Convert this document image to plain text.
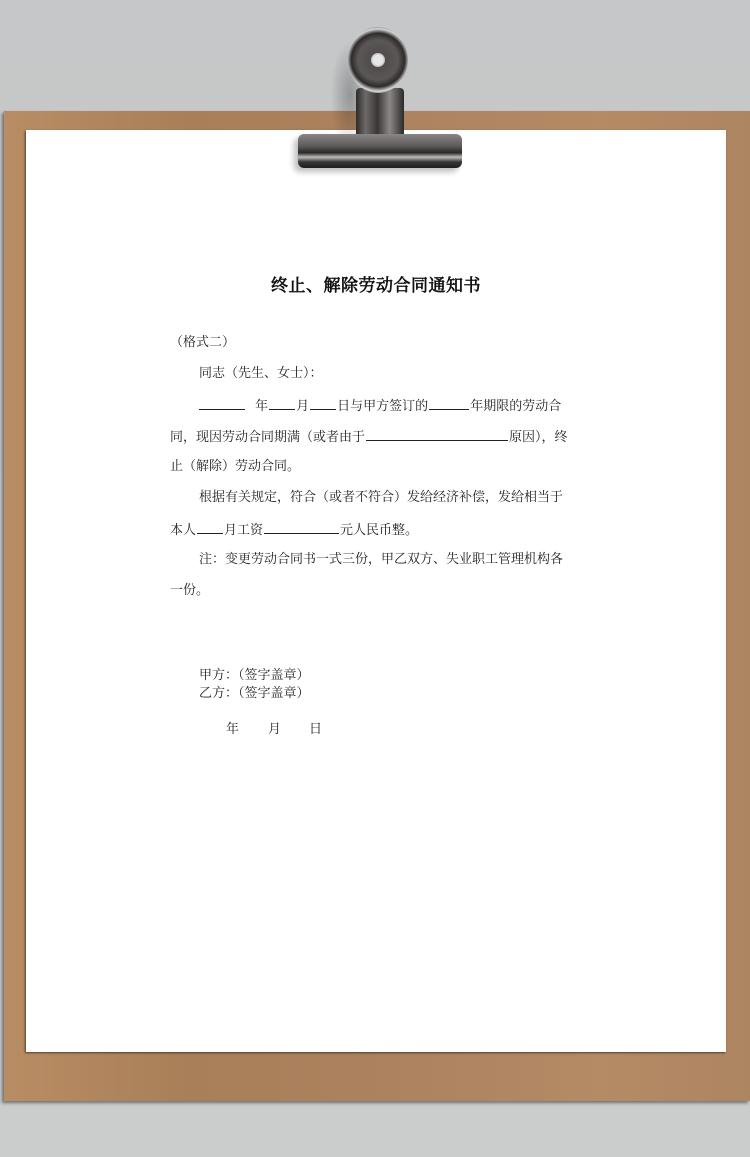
终止、解除劳动合同通知书
（格式二）
同志（先生、女士）：
年 月 日与甲方签订的	年期限的劳动合
同，现因劳动合同期满（或者由于	原因），终
止（解除）劳动合同。
根据有关规定，符合（或者不符合）发给经济补偿，发给相当于
本人 月工资	元人民币整。
注：变更劳动合同书一式三份，甲乙双方、失业职工管理机构各
一份。
甲方：（签字盖章）
乙方：（签字盖章）
年 月 日
